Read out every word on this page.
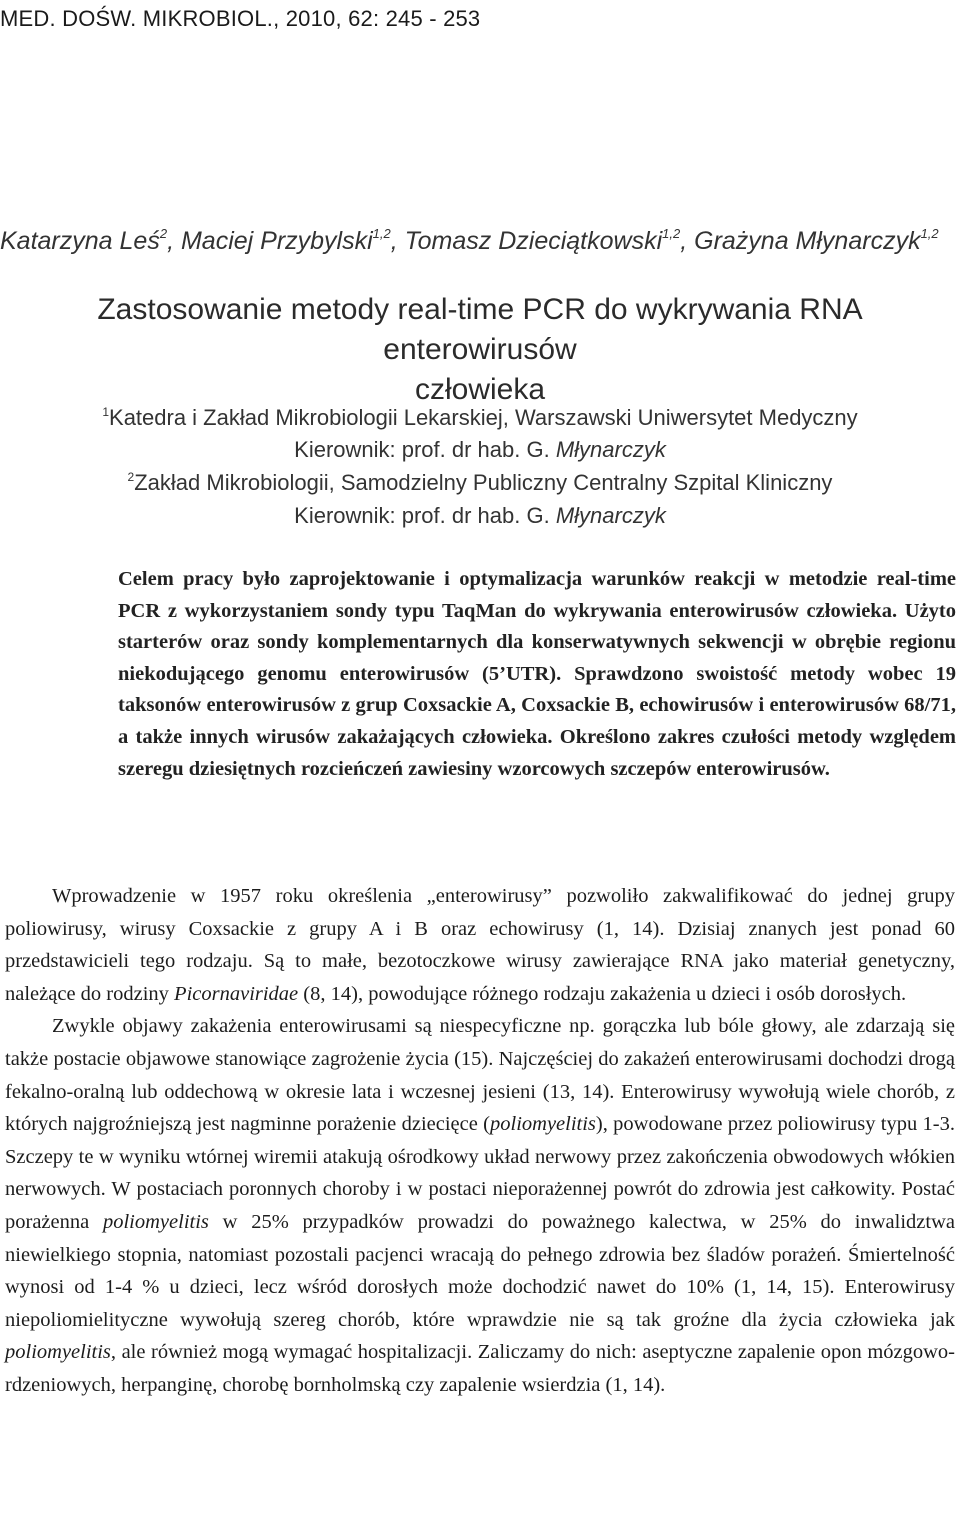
MED. DOŚW. MIKROBIOL., 2010, 62: 245 - 253
Katarzyna Leś$^2$, Maciej Przybylski$^{1,2}$, Tomasz Dzieciątkowski$^{1,2}$, Grażyna Młynarczyk$^{1,2}$
Zastosowanie metody real-time PCR do wykrywania RNA enterowirusów
człowieka
$^1$Katedra i Zakład Mikrobiologii Lekarskiej, Warszawski Uniwersytet Medyczny
Kierownik: prof. dr hab. G. Młynarczyk
$^2$Zakład Mikrobiologii, Samodzielny Publiczny Centralny Szpital Kliniczny
Kierownik: prof. dr hab. G. Młynarczyk
Celem pracy było zaprojektowanie i optymalizacja warunków reakcji w metodzie real-time PCR z wykorzystaniem sondy typu TaqMan do wykrywania enterowirusów człowieka. Użyto starterów oraz sondy komplementarnych dla konserwatywnych sekwencji w obrębie regionu niekodującego genomu enterowirusów (5’UTR). Sprawdzono swoistość metody wobec 19 taksonów enterowirusów z grup Coxsackie A, Coxsackie B, echowirusów i enterowirusów 68/71, a także innych wirusów zakażających człowieka. Określono zakres czułości metody względem szeregu dziesiętnych rozcieńczeń zawiesiny wzorcowych szczepów enterowirusów.

Wprowadzenie w 1957 roku określenia „enterowirusy” pozwoliło zakwalifikować do jednej grupy poliowirusy, wirusy Coxsackie z grupy A i B oraz echowirusy (1, 14). Dzisiaj znanych jest ponad 60 przedstawicieli tego rodzaju. Są to małe, bezotoczkowe wirusy zawierające RNA jako materiał genetyczny, należące do rodziny Picornaviridae (8, 14), powodujące różnego rodzaju zakażenia u dzieci i osób dorosłych.

Zwykle objawy zakażenia enterowirusami są niespecyficzne np. gorączka lub bóle głowy, ale zdarzają się także postacie objawowe stanowiące zagrożenie życia (15). Najczęściej do zakażeń enterowirusami dochodzi drogą fekalno-oralną lub oddechową w okresie lata i wczesnej jesieni (13, 14). Enterowirusy wywołują wiele chorób, z których najgroźniejszą jest nagminne porażenie dziecięce (poliomyelitis), powodowane przez poliowirusy typu 1-3. Szczepy te w wyniku wtórnej wiremii atakują ośrodkowy układ nerwowy przez zakończenia obwodowych włókien nerwowych. W postaciach poronnych choroby i w postaci nieporażennej powrót do zdrowia jest całkowity. Postać porażenna poliomyelitis w 25% przypadków prowadzi do poważnego kalectwa, w 25% do inwalidztwa niewielkiego stopnia, natomiast pozostali pacjenci wracają do pełnego zdrowia bez śladów porażeń. Śmiertelność wynosi od 1-4 % u dzieci, lecz wśród dorosłych może dochodzić nawet do 10% (1, 14, 15). Enterowirusy niepoliomielityczne wywołują szereg chorób, które wprawdzie nie są tak groźne dla życia człowieka jak poliomyelitis, ale również mogą wymagać hospitalizacji. Zaliczamy do nich: aseptyczne zapalenie opon mózgowo-rdzeniowych, herpanginę, chorobę bornholmską czy zapalenie wsierdzia (1, 14).
